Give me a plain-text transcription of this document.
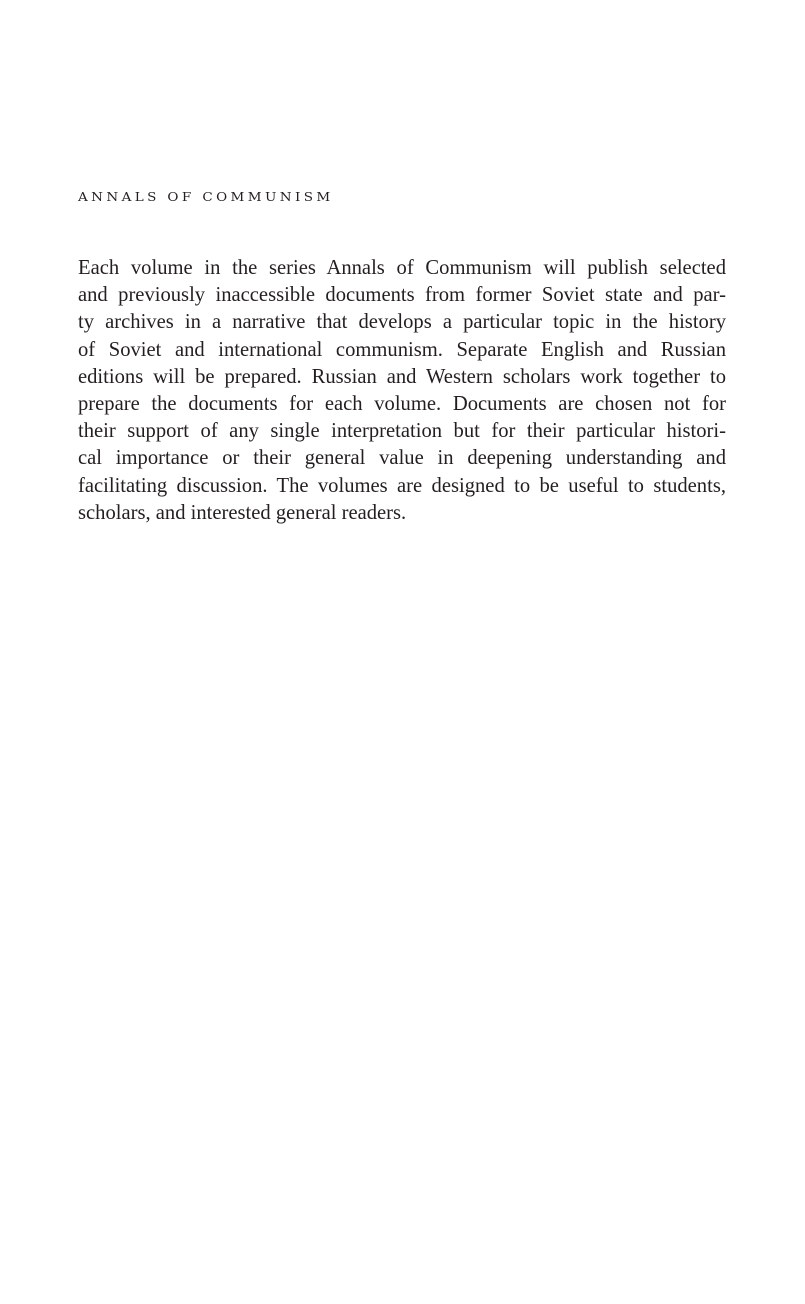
ANNALS OF COMMUNISM
Each volume in the series Annals of Communism will publish selected
and previously inaccessible documents from former Soviet state and par-
ty archives in a narrative that develops a particular topic in the history
of Soviet and international communism. Separate English and Russian
editions will be prepared. Russian and Western scholars work together to
prepare the documents for each volume. Documents are chosen not for
their support of any single interpretation but for their particular histori-
cal importance or their general value in deepening understanding and
facilitating discussion. The volumes are designed to be useful to students,
scholars, and interested general readers.
